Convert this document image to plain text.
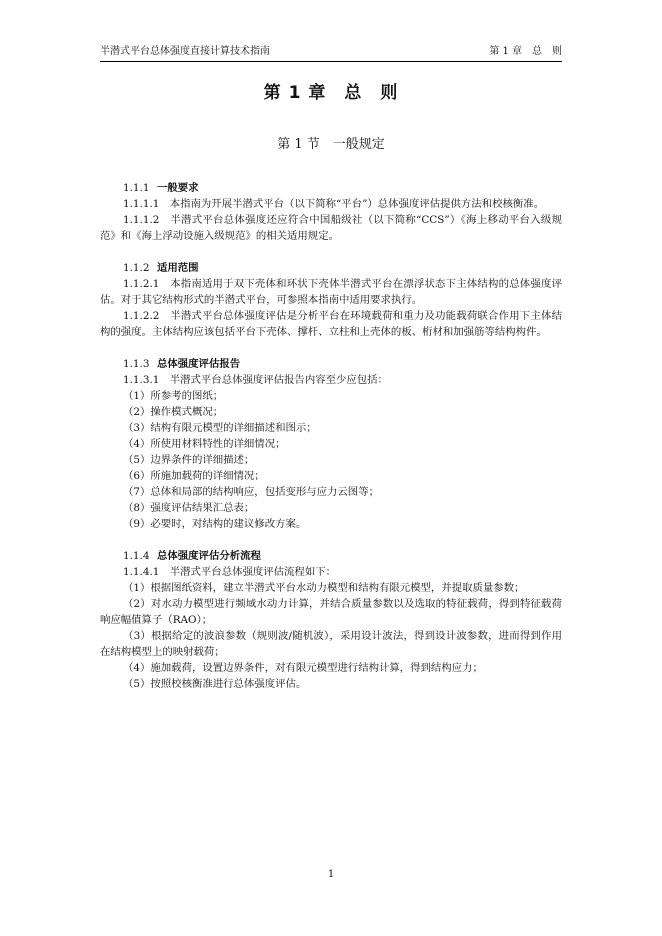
半潜式平台总体强度直接计算技术指南	第 1 章　总　则
第 1 章　总　则
第 1 节　一般规定
1.1.1 一般要求

1.1.1.1　本指南为开展半潜式平台（以下简称“平台”）总体强度评估提供方法和校核衡准。

1.1.1.2　半潜式平台总体强度还应符合中国船级社（以下简称“CCS”）《海上移动平台入级规范》和《海上浮动设施入级规范》的相关适用规定。

1.1.2 适用范围

1.1.2.1　本指南适用于双下壳体和环状下壳体半潜式平台在漂浮状态下主体结构的总体强度评估。对于其它结构形式的半潜式平台，可参照本指南中适用要求执行。

1.1.2.2　半潜式平台总体强度评估是分析平台在环境载荷和重力及功能载荷联合作用下主体结构的强度。主体结构应该包括平台下壳体、撑杆、立柱和上壳体的板、桁材和加强筋等结构构件。

1.1.3 总体强度评估报告

1.1.3.1　半潜式平台总体强度评估报告内容至少应包括：

（1）所参考的图纸；

（2）操作模式概况；

（3）结构有限元模型的详细描述和图示；

（4）所使用材料特性的详细情况；

（5）边界条件的详细描述；

（6）所施加载荷的详细情况；

（7）总体和局部的结构响应，包括变形与应力云图等；

（8）强度评估结果汇总表；

（9）必要时，对结构的建议修改方案。

1.1.4 总体强度评估分析流程

1.1.4.1　半潜式平台总体强度评估流程如下：

（1）根据图纸资料，建立半潜式平台水动力模型和结构有限元模型，并提取质量参数；

（2）对水动力模型进行频域水动力计算，并结合质量参数以及选取的特征载荷，得到特征载荷响应幅值算子（RAO）；

（3）根据给定的波浪参数（规则波/随机波），采用设计波法，得到设计波参数，进而得到作用在结构模型上的映射载荷；

（4）施加载荷，设置边界条件，对有限元模型进行结构计算，得到结构应力；

（5）按照校核衡准进行总体强度评估。

1
